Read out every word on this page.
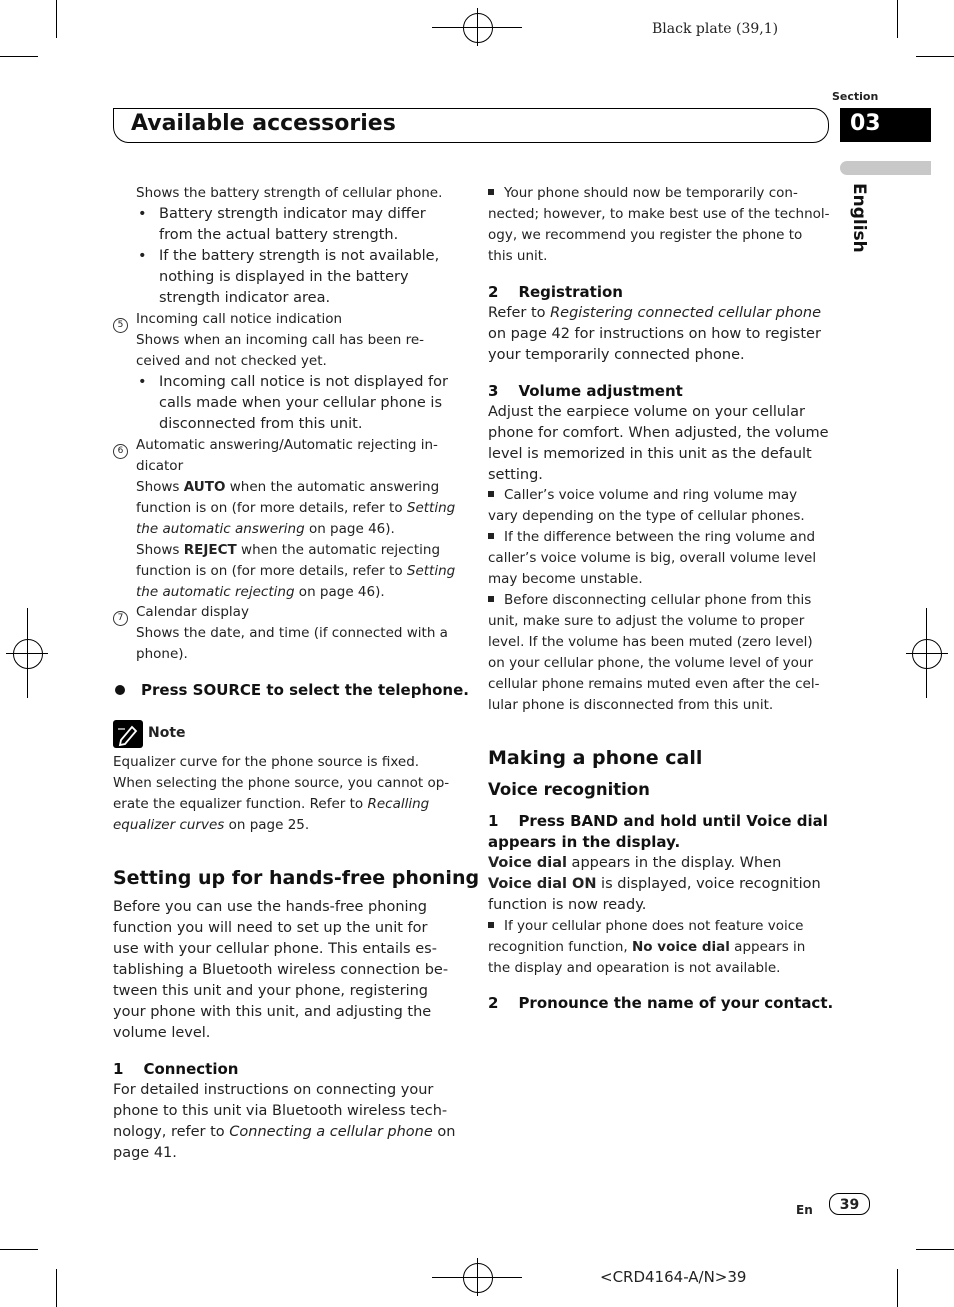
Black plate (39,1)
Section
Available accessories	03
English
Shows the battery strength of cellular phone.
• Battery strength indicator may differ
from the actual battery strength.
• If the battery strength is not available,
nothing is displayed in the battery
strength indicator area.
5 Incoming call notice indication
Shows when an incoming call has been re-
ceived and not checked yet.
• Incoming call notice is not displayed for
calls made when your cellular phone is
disconnected from this unit.
6 Automatic answering/Automatic rejecting in-
dicator
Shows AUTO when the automatic answering
function is on (for more details, refer to Setting
the automatic answering on page 46).
Shows REJECT when the automatic rejecting
function is on (for more details, refer to Setting
the automatic rejecting on page 46).
7 Calendar display
Shows the date, and time (if connected with a
phone).
Press SOURCE to select the telephone.
Note
Equalizer curve for the phone source is fixed.
When selecting the phone source, you cannot op-
erate the equalizer function. Refer to Recalling
equalizer curves on page 25.
Setting up for hands-free phoning
Before you can use the hands-free phoning
function you will need to set up the unit for
use with your cellular phone. This entails es-
tablishing a Bluetooth wireless connection be-
tween this unit and your phone, registering
your phone with this unit, and adjusting the
volume level.
1 Connection
For detailed instructions on connecting your
phone to this unit via Bluetooth wireless tech-
nology, refer to Connecting a cellular phone on
page 41.
Your phone should now be temporarily con-
nected; however, to make best use of the technol-
ogy, we recommend you register the phone to
this unit.
2 Registration
Refer to Registering connected cellular phone
on page 42 for instructions on how to register
your temporarily connected phone.
3 Volume adjustment
Adjust the earpiece volume on your cellular
phone for comfort. When adjusted, the volume
level is memorized in this unit as the default
setting.
Caller’s voice volume and ring volume may
vary depending on the type of cellular phones.
If the difference between the ring volume and
caller’s voice volume is big, overall volume level
may become unstable.
Before disconnecting cellular phone from this
unit, make sure to adjust the volume to proper
level. If the volume has been muted (zero level)
on your cellular phone, the volume level of your
cellular phone remains muted even after the cel-
lular phone is disconnected from this unit.
Making a phone call
Voice recognition
1 Press BAND and hold until Voice dial
appears in the display.
Voice dial appears in the display. When
Voice dial ON is displayed, voice recognition
function is now ready.
If your cellular phone does not feature voice
recognition function, No voice dial appears in
the display and opearation is not available.
2 Pronounce the name of your contact.
En	39
<CRD4164-A/N>39
